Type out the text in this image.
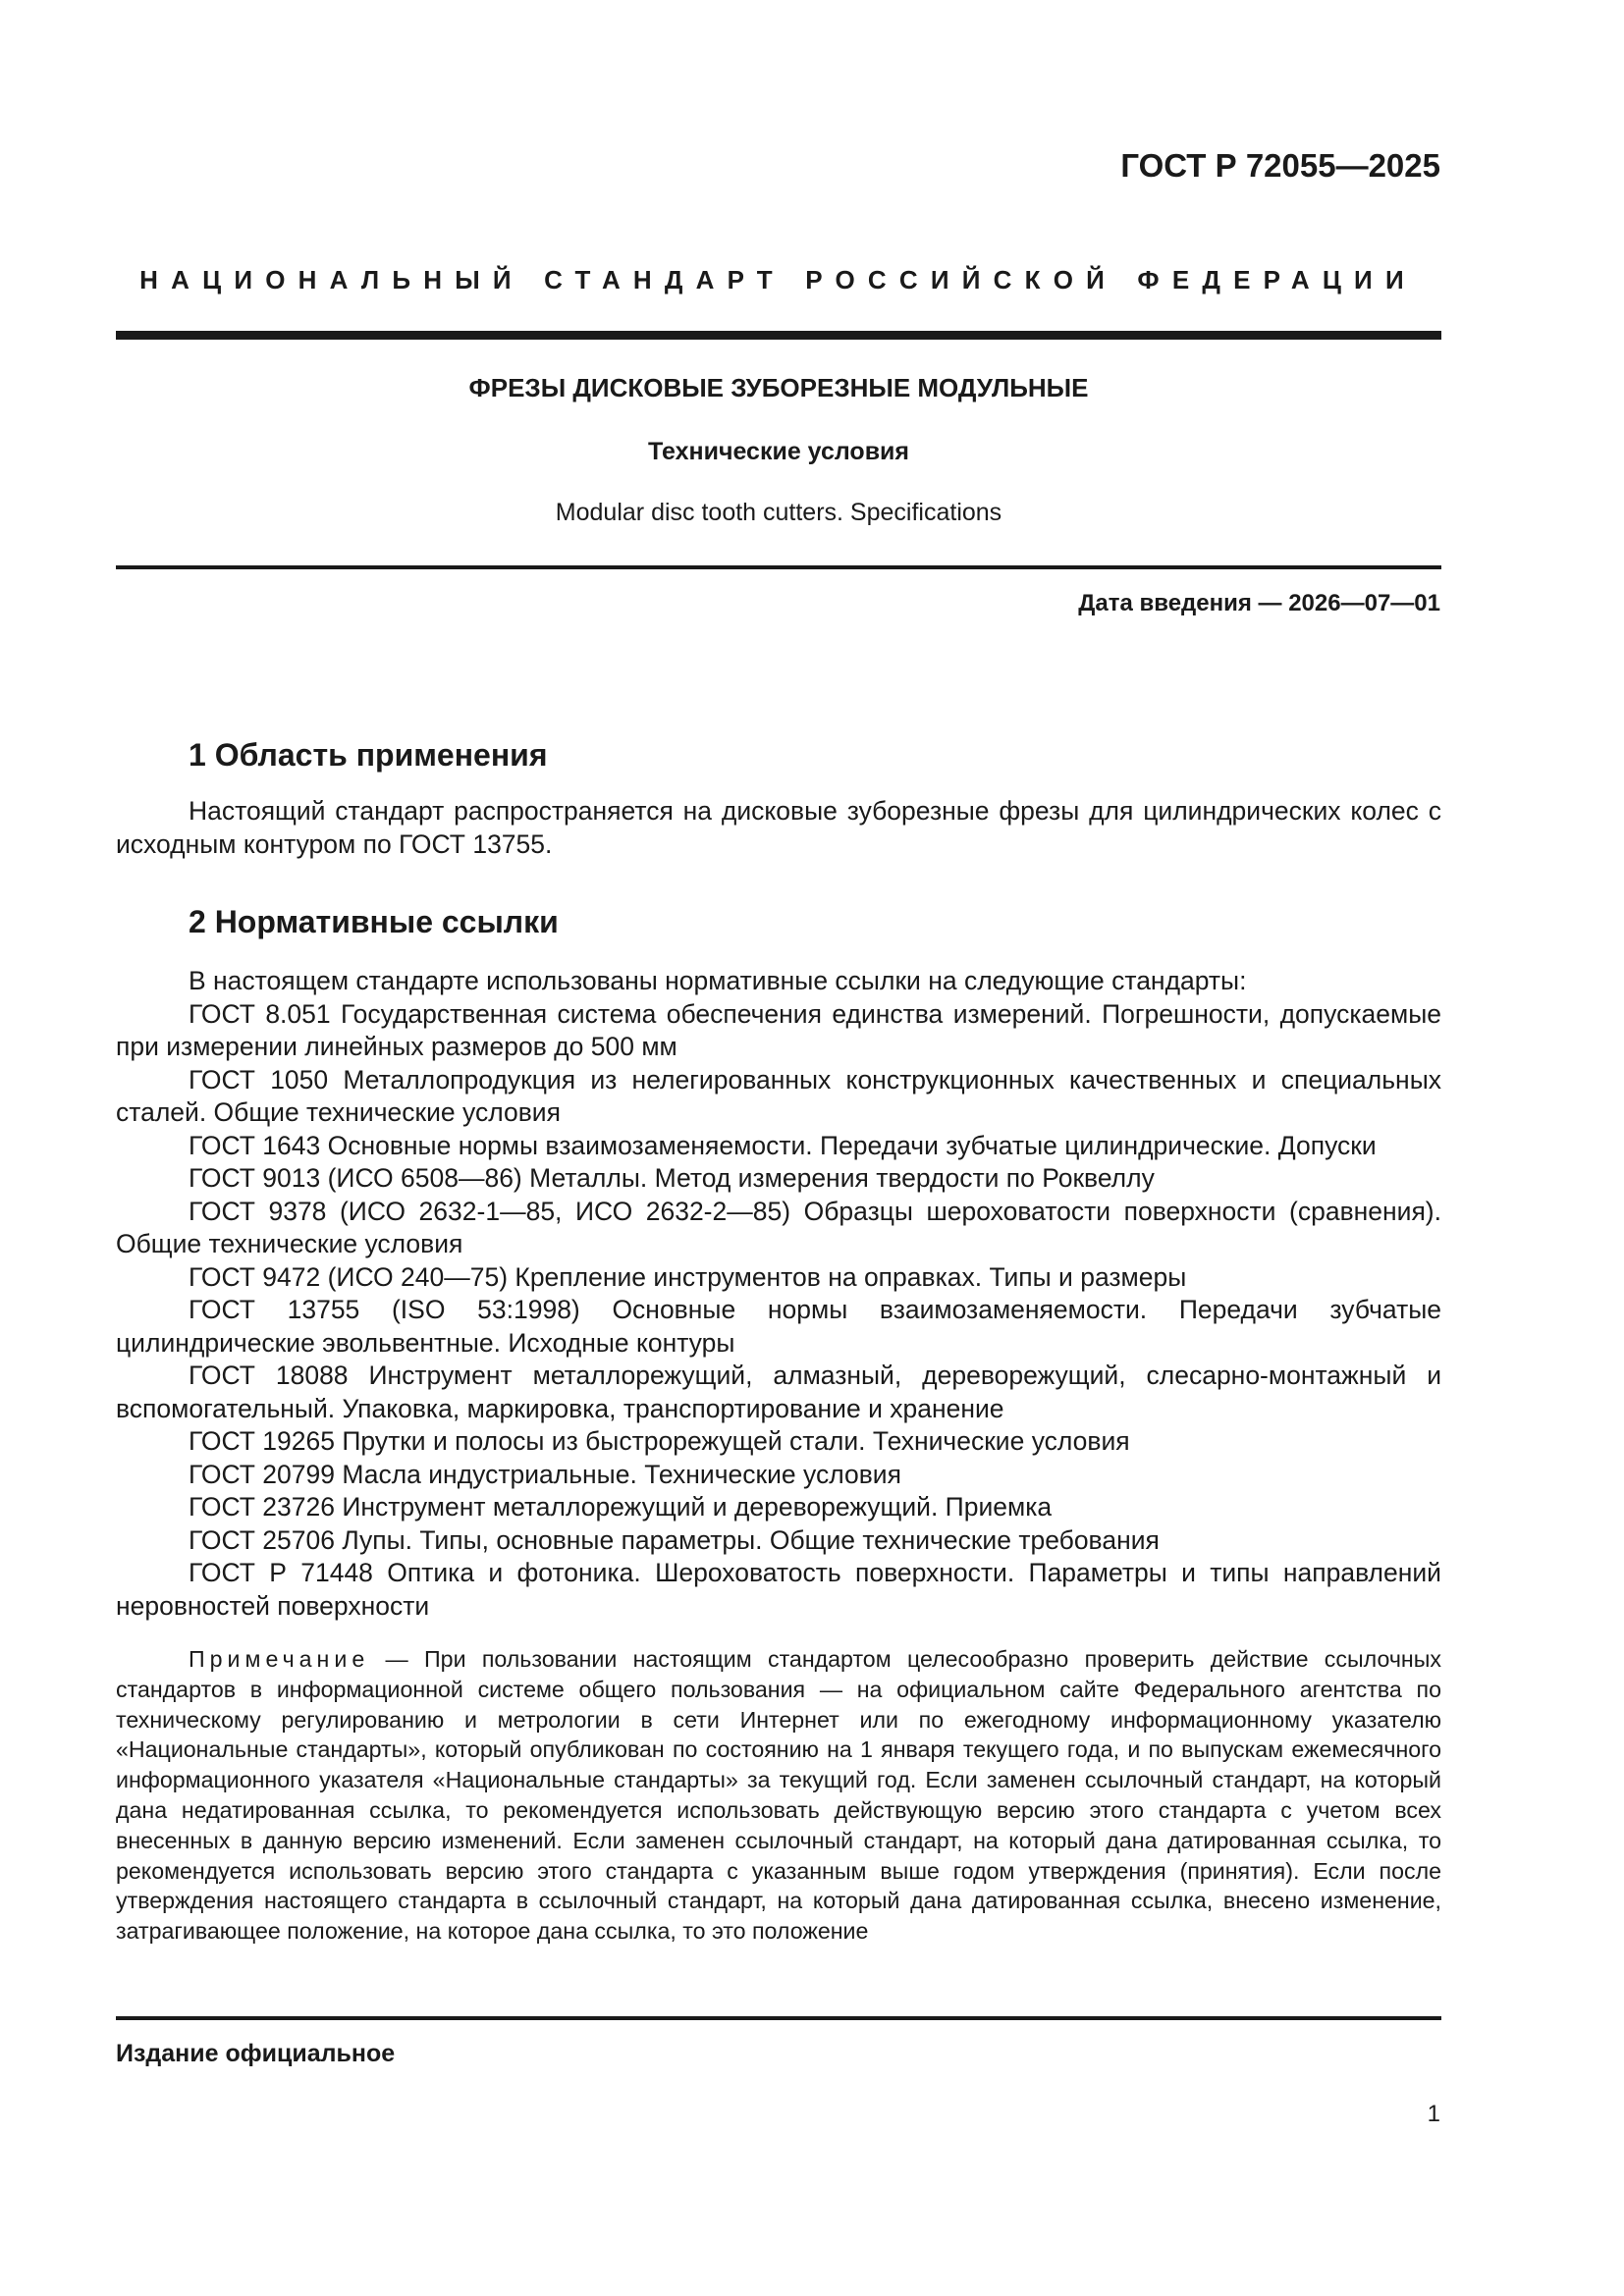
ГОСТ Р 72055—2025
НАЦИОНАЛЬНЫЙ СТАНДАРТ РОССИЙСКОЙ ФЕДЕРАЦИИ
ФРЕЗЫ ДИСКОВЫЕ ЗУБОРЕЗНЫЕ МОДУЛЬНЫЕ
Технические условия
Modular disc tooth cutters. Specifications
Дата введения — 2026—07—01
1 Область применения

Настоящий стандарт распространяется на дисковые зуборезные фрезы для цилиндрических колес с исходным контуром по ГОСТ 13755.

2 Нормативные ссылки

В настоящем стандарте использованы нормативные ссылки на следующие стандарты:

ГОСТ 8.051 Государственная система обеспечения единства измерений. Погрешности, допускаемые при измерении линейных размеров до 500 мм

ГОСТ 1050 Металлопродукция из нелегированных конструкционных качественных и специальных сталей. Общие технические условия

ГОСТ 1643 Основные нормы взаимозаменяемости. Передачи зубчатые цилиндрические. Допуски

ГОСТ 9013 (ИСО 6508—86) Металлы. Метод измерения твердости по Роквеллу

ГОСТ 9378 (ИСО 2632-1—85, ИСО 2632-2—85) Образцы шероховатости поверхности (сравнения). Общие технические условия

ГОСТ 9472 (ИСО 240—75) Крепление инструментов на оправках. Типы и размеры

ГОСТ 13755 (ISO 53:1998) Основные нормы взаимозаменяемости. Передачи зубчатые цилиндрические эвольвентные. Исходные контуры

ГОСТ 18088 Инструмент металлорежущий, алмазный, дереворежущий, слесарно-монтажный и вспомогательный. Упаковка, маркировка, транспортирование и хранение

ГОСТ 19265 Прутки и полосы из быстрорежущей стали. Технические условия

ГОСТ 20799 Масла индустриальные. Технические условия

ГОСТ 23726 Инструмент металлорежущий и дереворежущий. Приемка

ГОСТ 25706 Лупы. Типы, основные параметры. Общие технические требования

ГОСТ Р 71448 Оптика и фотоника. Шероховатость поверхности. Параметры и типы направлений неровностей поверхности

Примечание — При пользовании настоящим стандартом целесообразно проверить действие ссылочных стандартов в информационной системе общего пользования — на официальном сайте Федерального агентства по техническому регулированию и метрологии в сети Интернет или по ежегодному информационному указателю «Национальные стандарты», который опубликован по состоянию на 1 января текущего года, и по выпускам ежемесячного информационного указателя «Национальные стандарты» за текущий год. Если заменен ссылочный стандарт, на который дана недатированная ссылка, то рекомендуется использовать действующую версию этого стандарта с учетом всех внесенных в данную версию изменений. Если заменен ссылочный стандарт, на который дана датированная ссылка, то рекомендуется использовать версию этого стандарта с указанным выше годом утверждения (принятия). Если после утверждения настоящего стандарта в ссылочный стандарт, на который дана датированная ссылка, внесено изменение, затрагивающее положение, на которое дана ссылка, то это положение
Издание официальное
1
